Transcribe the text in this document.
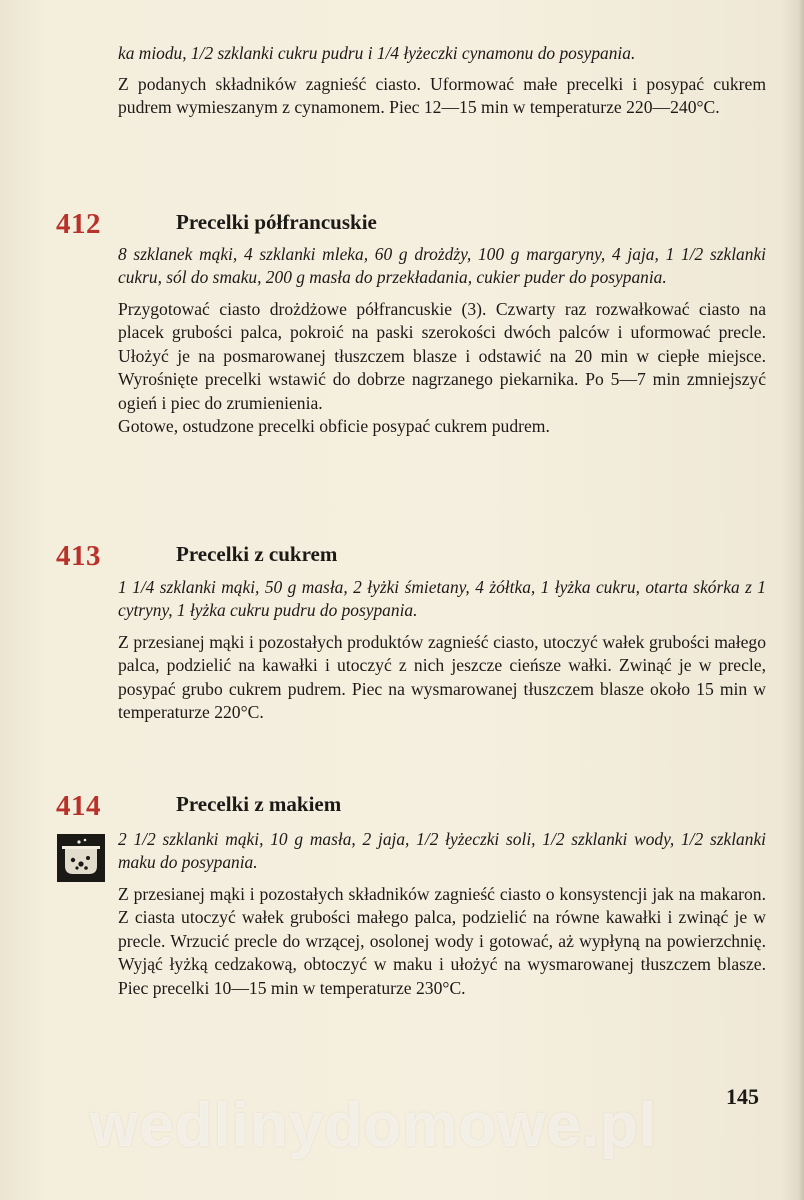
ka miodu, 1/2 szklanki cukru pudru i 1/4 łyżeczki cynamonu do posypania.

Z podanych składników zagnieść ciasto. Uformować małe precelki i posypać cukrem pudrem wymieszanym z cynamonem. Piec 12—15 min w temperaturze 220—240°C.

412	Precelki półfrancuskie

8 szklanek mąki, 4 szklanki mleka, 60 g drożdży, 100 g margaryny, 4 jaja, 1 1/2 szklanki cukru, sól do smaku, 200 g masła do przekładania, cukier puder do posypania.

Przygotować ciasto drożdżowe półfrancuskie (3). Czwarty raz rozwałkować ciasto na placek grubości palca, pokroić na paski szerokości dwóch palców i uformować precle. Ułożyć je na posmarowanej tłuszczem blasze i odstawić na 20 min w ciepłe miejsce. Wyrośnięte precelki wstawić do dobrze nagrzanego piekarnika. Po 5—7 min zmniejszyć ogień i piec do zrumienienia.

Gotowe, ostudzone precelki obficie posypać cukrem pudrem.

413	Precelki z cukrem

1 1/4 szklanki mąki, 50 g masła, 2 łyżki śmietany, 4 żółtka, 1 łyżka cukru, otarta skórka z 1 cytryny, 1 łyżka cukru pudru do posypania.

Z przesianej mąki i pozostałych produktów zagnieść ciasto, utoczyć wałek grubości małego palca, podzielić na kawałki i utoczyć z nich jeszcze cieńsze wałki. Zwinąć je w precle, posypać grubo cukrem pudrem. Piec na wysmarowanej tłuszczem blasze około 15 min w temperaturze 220°C.

414	Precelki z makiem

2 1/2 szklanki mąki, 10 g masła, 2 jaja, 1/2 łyżeczki soli, 1/2 szklanki wody, 1/2 szklanki maku do posypania.

Z przesianej mąki i pozostałych składników zagnieść ciasto o konsystencji jak na makaron. Z ciasta utoczyć wałek grubości małego palca, podzielić na równe kawałki i zwinąć je w precle. Wrzucić precle do wrzącej, osolonej wody i gotować, aż wypłyną na powierzchnię. Wyjąć łyżką cedzakową, obtoczyć w maku i ułożyć na wysmarowanej tłuszczem blasze. Piec precelki 10—15 min w temperaturze 230°C.

wedlinydomowe.pl	145
